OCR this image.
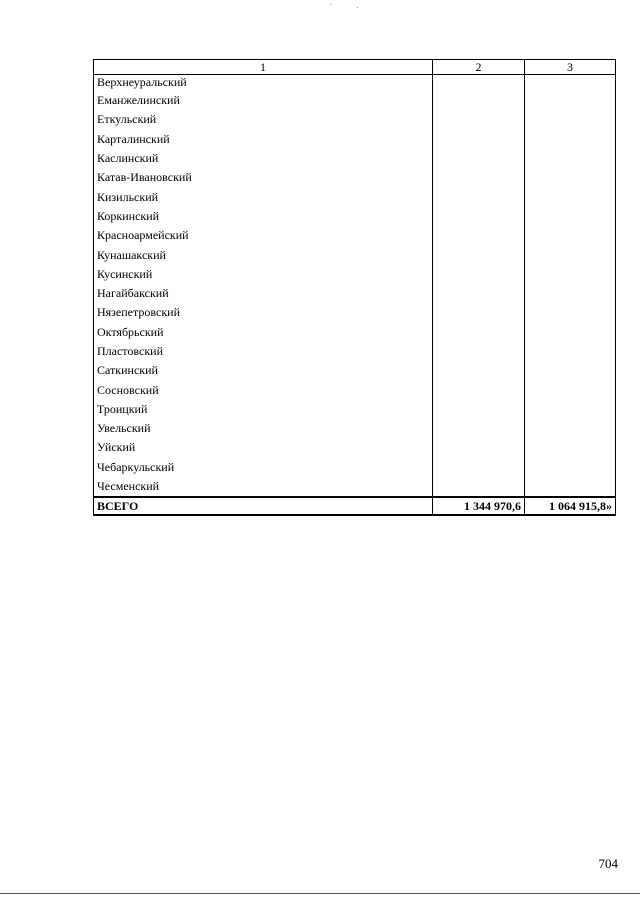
1	2	3
Верхнеуральский		
Еманжелинский		
Еткульский		
Карталинский		
Каслинский		
Катав-Ивановский		
Кизильский		
Коркинский		
Красноармейский		
Кунашакский		
Кусинский		
Нагайбакский		
Нязепетровский		
Октябрьский		
Пластовский		
Саткинский		
Сосновский		
Троицкий		
Увельский		
Уйский		
Чебаркульский		
Чесменский		
ВСЕГО	1 344 970,6	1 064 915,8»
704
